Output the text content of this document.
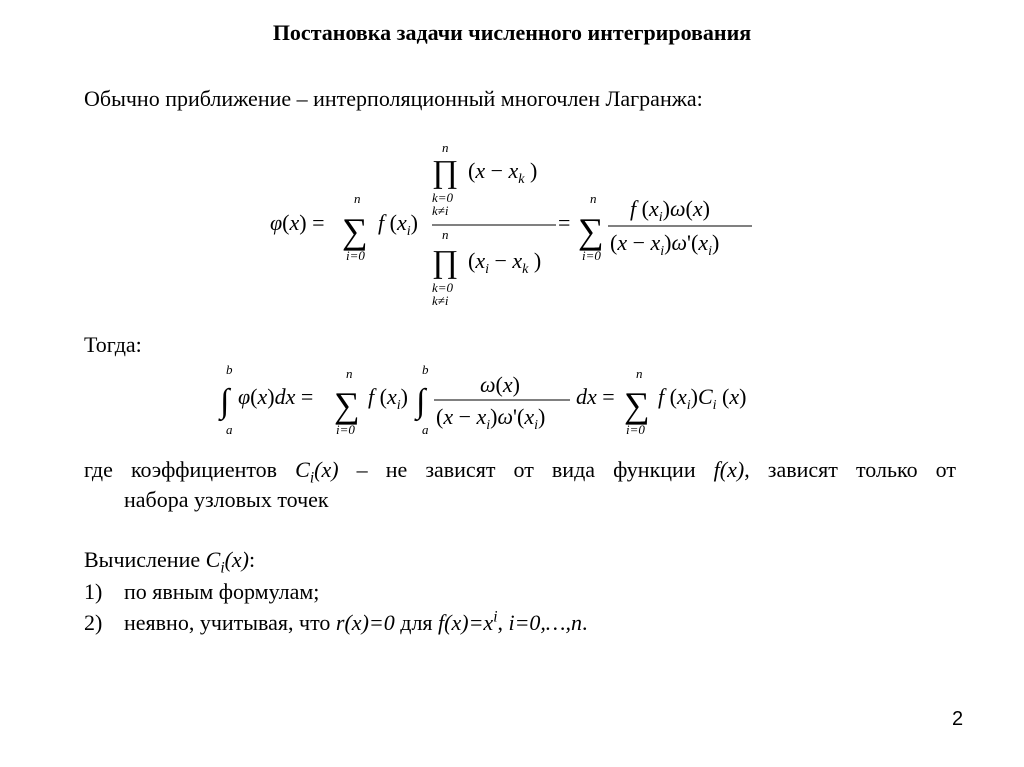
Постановка задачи численного интегрирования
Обычно приближение – интерполяционный многочлен Лагранжа:
φ(x) =
n
∑
i=0
f $(x_i)$
n
∏ ($x - x_k$ )
k=0
k≠i
n
∏ ($x_i - x_k$ )
k=0
k≠i
=
n
∑
i=0
f $(x_i)\omega(x)$
$(x - x_i)\omega'(x_i)$
Тогда:
b
∫
a
φ(x)dx =
n
∑
i=0
f $(x_i)$
b
∫
a
ω(x)
$(x - x_i)\omega'(x_i)$
dx =
n
∑
i=0
f $(x_i)C_i$ (x)
где коэффициентов $C_i(x)$ – не зависят от вида функции f(x), зависят только от
набора узловых точек
Вычисление $C_i(x)$:
1) по явным формулам;
2) неявно, учитывая, что r(x)=0 для $f(x)=x^i$, i=0,…,n.
2
